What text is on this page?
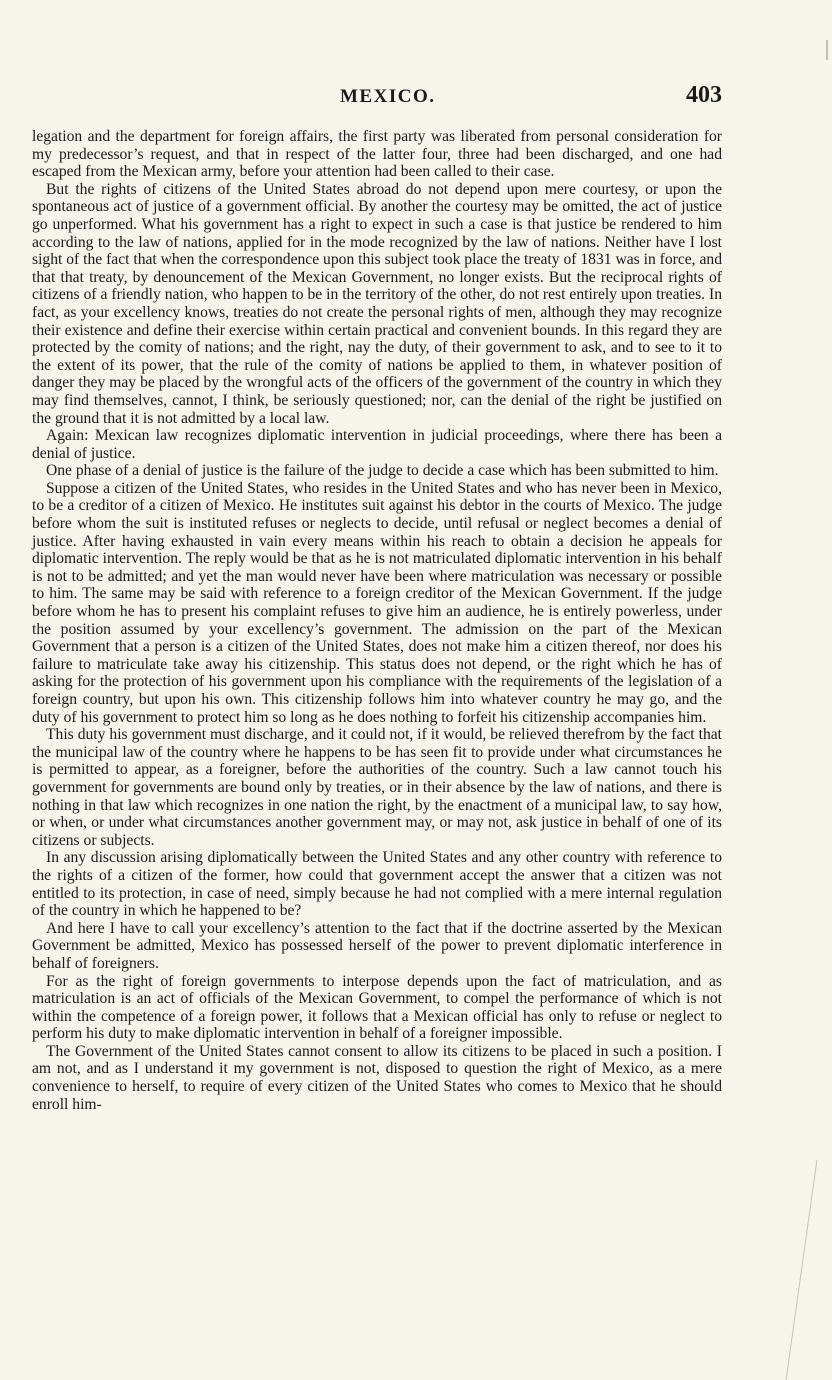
MEXICO.	403

legation and the department for foreign affairs, the first party was liberated from personal consideration for my predecessor’s request, and that in respect of the latter four, three had been discharged, and one had escaped from the Mexican army, before your attention had been called to their case.

But the rights of citizens of the United States abroad do not depend upon mere courtesy, or upon the spontaneous act of justice of a government official. By another the courtesy may be omitted, the act of justice go unperformed. What his government has a right to expect in such a case is that justice be rendered to him according to the law of nations, applied for in the mode recognized by the law of nations. Neither have I lost sight of the fact that when the correspondence upon this subject took place the treaty of 1831 was in force, and that that treaty, by denouncement of the Mexican Government, no longer exists. But the reciprocal rights of citizens of a friendly nation, who happen to be in the territory of the other, do not rest entirely upon treaties. In fact, as your excellency knows, treaties do not create the personal rights of men, although they may recognize their existence and define their exercise within certain practical and convenient bounds. In this regard they are protected by the comity of nations; and the right, nay the duty, of their government to ask, and to see to it to the extent of its power, that the rule of the comity of nations be applied to them, in whatever position of danger they may be placed by the wrongful acts of the officers of the government of the country in which they may find themselves, cannot, I think, be seriously questioned; nor, can the denial of the right be justified on the ground that it is not admitted by a local law.

Again: Mexican law recognizes diplomatic intervention in judicial proceedings, where there has been a denial of justice.

One phase of a denial of justice is the failure of the judge to decide a case which has been submitted to him.

Suppose a citizen of the United States, who resides in the United States and who has never been in Mexico, to be a creditor of a citizen of Mexico. He institutes suit against his debtor in the courts of Mexico. The judge before whom the suit is instituted refuses or neglects to decide, until refusal or neglect becomes a denial of justice. After having exhausted in vain every means within his reach to obtain a decision he appeals for diplomatic intervention. The reply would be that as he is not matriculated diplomatic intervention in his behalf is not to be admitted; and yet the man would never have been where matriculation was necessary or possible to him. The same may be said with reference to a foreign creditor of the Mexican Government. If the judge before whom he has to present his complaint refuses to give him an audience, he is entirely powerless, under the position assumed by your excellency’s government. The admission on the part of the Mexican Government that a person is a citizen of the United States, does not make him a citizen thereof, nor does his failure to matriculate take away his citizenship. This status does not depend, or the right which he has of asking for the protection of his government upon his compliance with the requirements of the legislation of a foreign country, but upon his own. This citizenship follows him into whatever country he may go, and the duty of his government to protect him so long as he does nothing to forfeit his citizenship accompanies him.

This duty his government must discharge, and it could not, if it would, be relieved therefrom by the fact that the municipal law of the country where he happens to be has seen fit to provide under what circumstances he is permitted to appear, as a foreigner, before the authorities of the country. Such a law cannot touch his government for governments are bound only by treaties, or in their absence by the law of nations, and there is nothing in that law which recognizes in one nation the right, by the enactment of a municipal law, to say how, or when, or under what circumstances another government may, or may not, ask justice in behalf of one of its citizens or subjects.

In any discussion arising diplomatically between the United States and any other country with reference to the rights of a citizen of the former, how could that government accept the answer that a citizen was not entitled to its protection, in case of need, simply because he had not complied with a mere internal regulation of the country in which he happened to be?

And here I have to call your excellency’s attention to the fact that if the doctrine asserted by the Mexican Government be admitted, Mexico has possessed herself of the power to prevent diplomatic interference in behalf of foreigners.

For as the right of foreign governments to interpose depends upon the fact of matriculation, and as matriculation is an act of officials of the Mexican Government, to compel the performance of which is not within the competence of a foreign power, it follows that a Mexican official has only to refuse or neglect to perform his duty to make diplomatic intervention in behalf of a foreigner impossible.

The Government of the United States cannot consent to allow its citizens to be placed in such a position. I am not, and as I understand it my government is not, disposed to question the right of Mexico, as a mere convenience to herself, to require of every citizen of the United States who comes to Mexico that he should enroll him-
